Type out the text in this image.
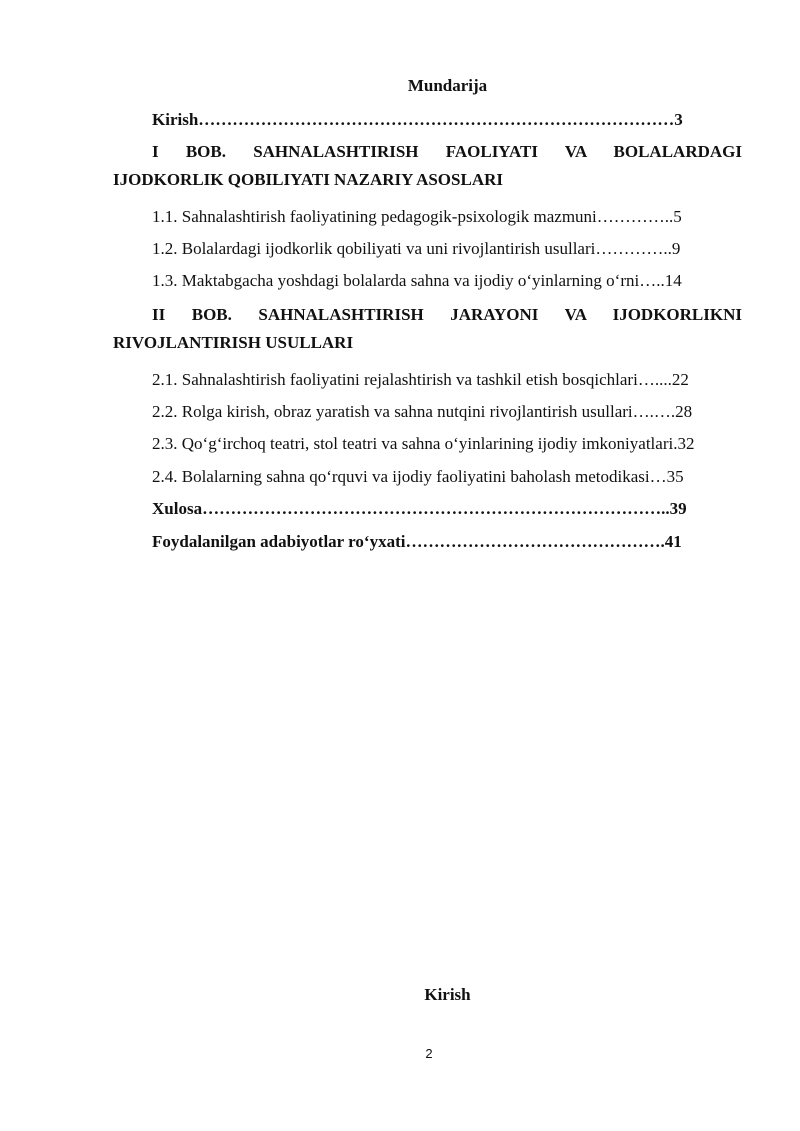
Mundarija
Kirish…………………………………………………………………………3
I BOB. SAHNALASHTIRISH FAOLIYATI VA BOLALARDAGI
IJODKORLIK QOBILIYATI NAZARIY ASOSLARI
1.1. Sahnalashtirish faoliyatining pedagogik-psixologik mazmuni…………..5
1.2. Bolalardagi ijodkorlik qobiliyati va uni rivojlantirish usullari…………..9
1.3. Maktabgacha yoshdagi bolalarda sahna va ijodiy o‘yinlarning o‘rni…..14
II BOB. SAHNALASHTIRISH JARAYONI VA IJODKORLIKNI
RIVOJLANTIRISH USULLARI
2.1. Sahnalashtirish faoliyatini rejalashtirish va tashkil etish bosqichlari…....22
2.2. Rolga kirish, obraz yaratish va sahna nutqini rivojlantirish usullari….….28
2.3. Qo‘g‘irchoq teatri, stol teatri va sahna o‘yinlarining ijodiy imkoniyatlari.32
2.4. Bolalarning sahna qo‘rquvi va ijodiy faoliyatini baholash metodikasi…35
Xulosa………………………………………………………………………..39
Foydalanilgan adabiyotlar ro‘yxati……………………………………….41
Kirish
2
